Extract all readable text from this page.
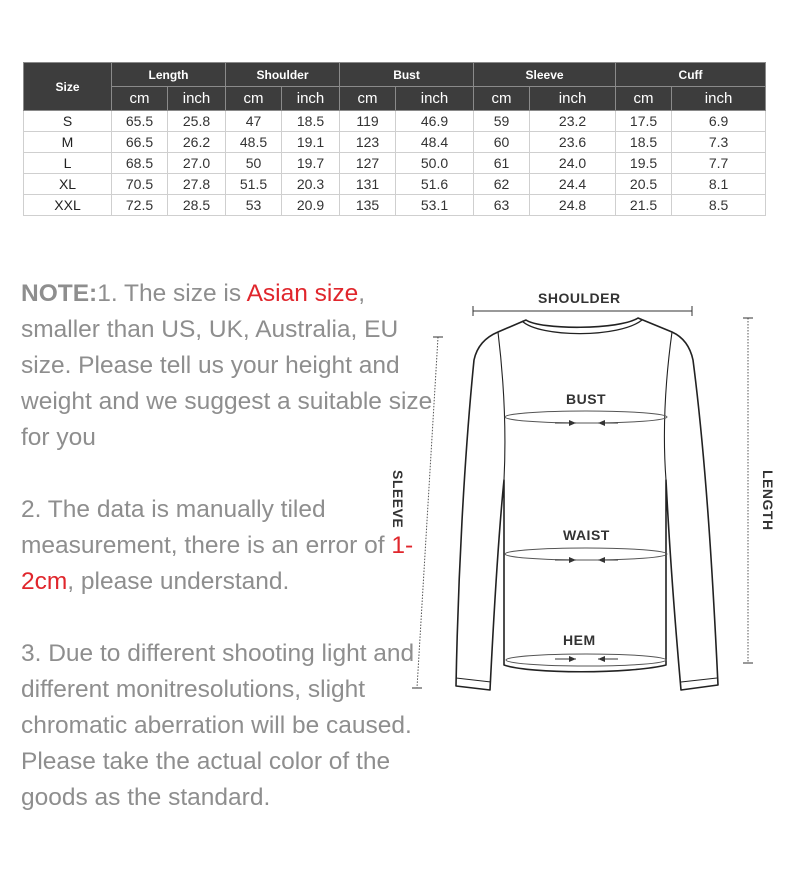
Size	Length		Shoulder		Bust		Sleeve		Cuff	
	cm	inch	cm	inch	cm	inch	cm	inch	cm	inch
S	65.5	25.8	47	18.5	119	46.9	59	23.2	17.5	6.9
M	66.5	26.2	48.5	19.1	123	48.4	60	23.6	18.5	7.3
L	68.5	27.0	50	19.7	127	50.0	61	24.0	19.5	7.7
XL	70.5	27.8	51.5	20.3	131	51.6	62	24.4	20.5	8.1
XXL	72.5	28.5	53	20.9	135	53.1	63	24.8	21.5	8.5

NOTE:1. The size is Asian size, smaller than US, UK, Australia, EU size. Please tell us your height and weight and we suggest a suitable size for you

2. The data is manually tiled measurement, there is an error of 1-2cm, please understand.

3. Due to different shooting light and different monitresolutions, slight chromatic aberration will be caused. Please take the actual color of the goods as the standard.

SHOULDER
BUST
WAIST
HEM
SLEEVE	LENGTH
